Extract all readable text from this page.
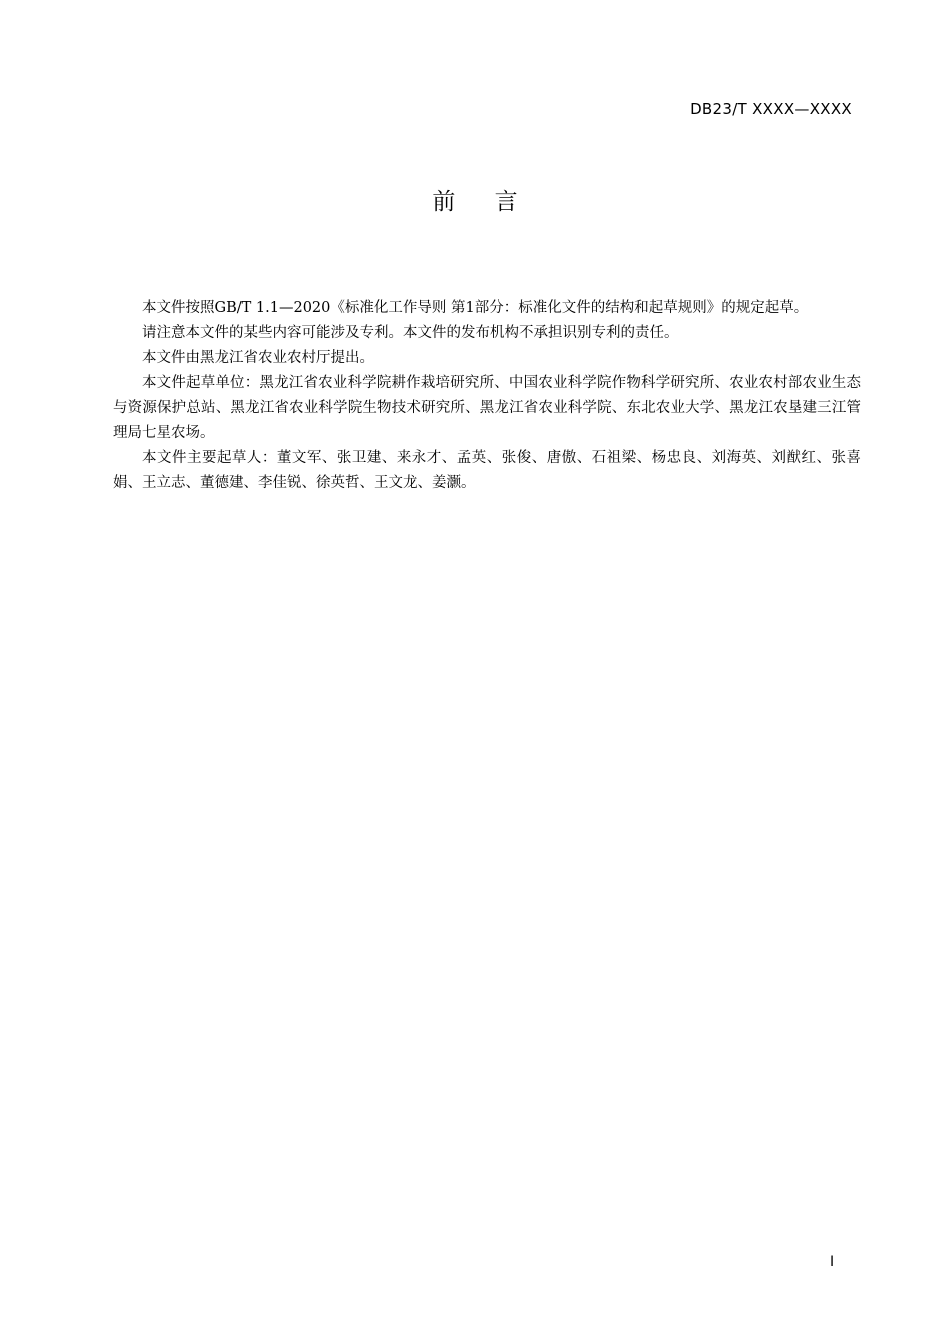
DB23/T XXXX—XXXX
前 言

本文件按照GB/T 1.1—2020《标准化工作导则 第1部分：标准化文件的结构和起草规则》的规定起草。

请注意本文件的某些内容可能涉及专利。本文件的发布机构不承担识别专利的责任。

本文件由黑龙江省农业农村厅提出。

本文件起草单位：黑龙江省农业科学院耕作栽培研究所、中国农业科学院作物科学研究所、农业农村部农业生态与资源保护总站、黑龙江省农业科学院生物技术研究所、黑龙江省农业科学院、东北农业大学、黑龙江农垦建三江管理局七星农场。

本文件主要起草人：董文军、张卫建、来永才、孟英、张俊、唐傲、石祖梁、杨忠良、刘海英、刘猷红、张喜娟、王立志、董德建、李佳锐、徐英哲、王文龙、姜灏。

I
